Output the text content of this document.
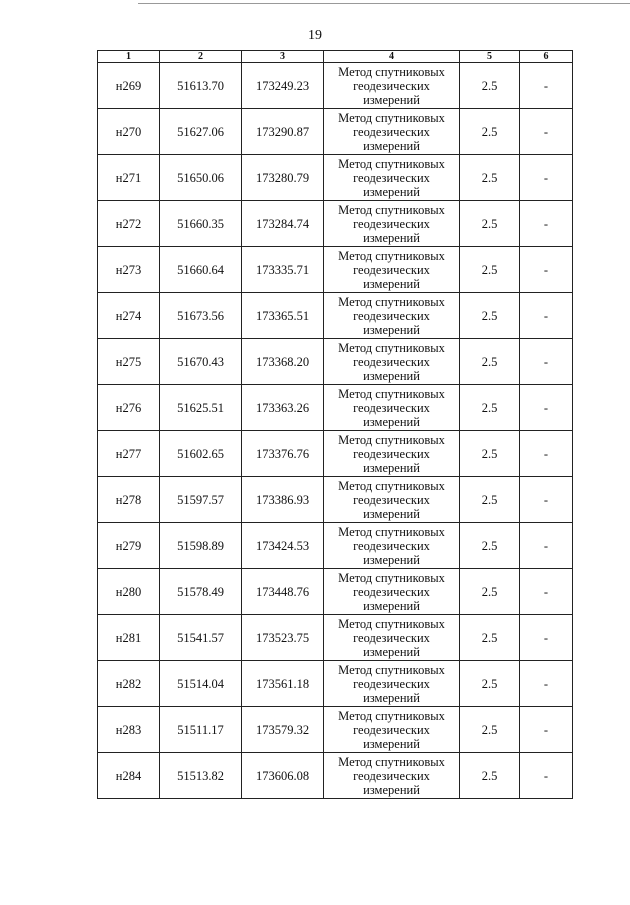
19
1	2	3	4	5	6
н269	51613.70	173249.23	Метод спутниковых геодезических измерений	2.5	-
н270	51627.06	173290.87	Метод спутниковых геодезических измерений	2.5	-
н271	51650.06	173280.79	Метод спутниковых геодезических измерений	2.5	-
н272	51660.35	173284.74	Метод спутниковых геодезических измерений	2.5	-
н273	51660.64	173335.71	Метод спутниковых геодезических измерений	2.5	-
н274	51673.56	173365.51	Метод спутниковых геодезических измерений	2.5	-
н275	51670.43	173368.20	Метод спутниковых геодезических измерений	2.5	-
н276	51625.51	173363.26	Метод спутниковых геодезических измерений	2.5	-
н277	51602.65	173376.76	Метод спутниковых геодезических измерений	2.5	-
н278	51597.57	173386.93	Метод спутниковых геодезических измерений	2.5	-
н279	51598.89	173424.53	Метод спутниковых геодезических измерений	2.5	-
н280	51578.49	173448.76	Метод спутниковых геодезических измерений	2.5	-
н281	51541.57	173523.75	Метод спутниковых геодезических измерений	2.5	-
н282	51514.04	173561.18	Метод спутниковых геодезических измерений	2.5	-
н283	51511.17	173579.32	Метод спутниковых геодезических измерений	2.5	-
н284	51513.82	173606.08	Метод спутниковых геодезических измерений	2.5	-
